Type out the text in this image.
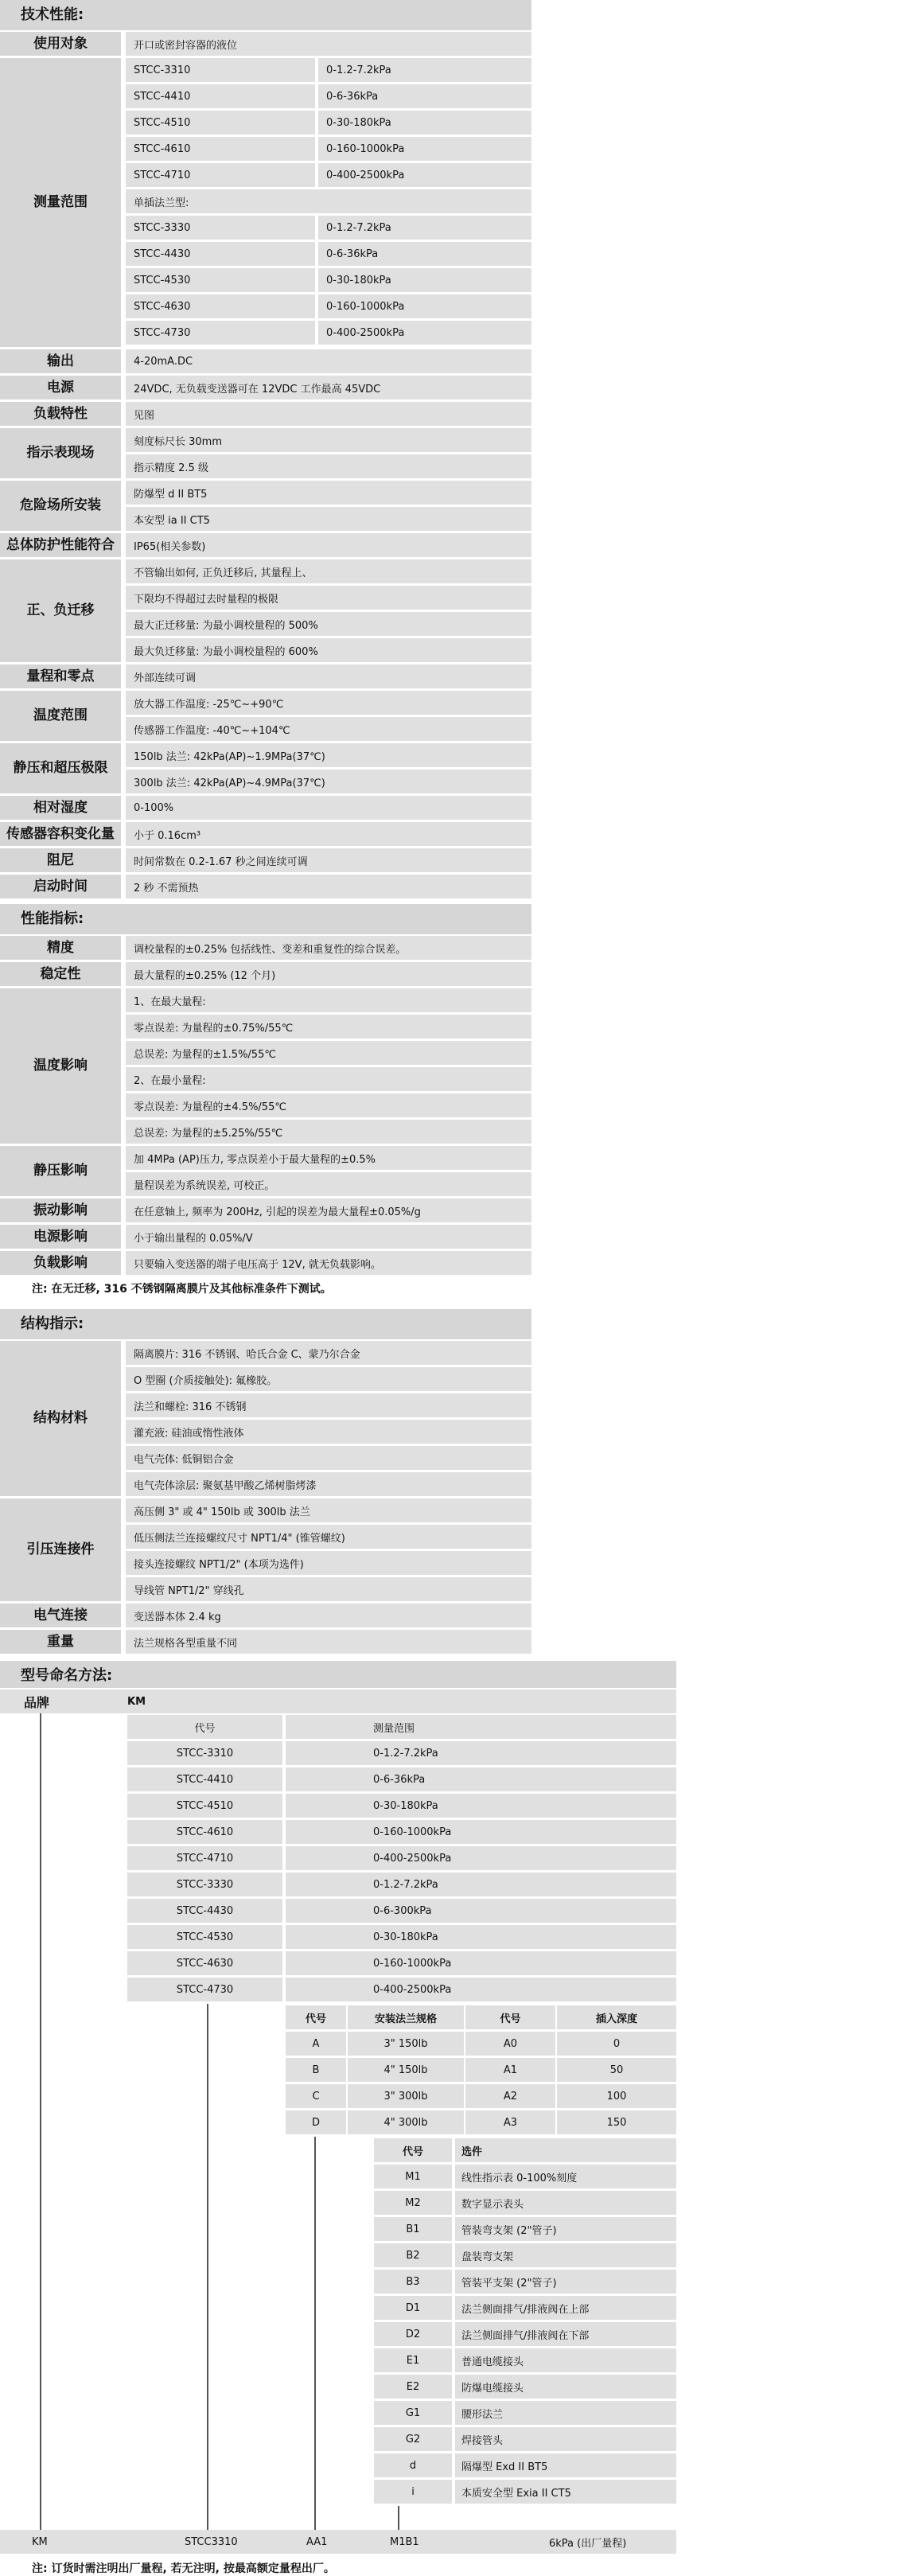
技术性能:
使用对象	开口或密封容器的液位
测量范围
STCC-3310	0-1.2-7.2kPa
STCC-4410	0-6-36kPa
STCC-4510	0-30-180kPa
STCC-4610	0-160-1000kPa
STCC-4710	0-400-2500kPa
单插法兰型:
STCC-3330	0-1.2-7.2kPa
STCC-4430	0-6-36kPa
STCC-4530	0-30-180kPa
STCC-4630	0-160-1000kPa
STCC-4730	0-400-2500kPa
输出	4-20mA.DC
电源	24VDC, 无负载变送器可在 12VDC 工作最高 45VDC
负载特性	见图
指示表现场
刻度标尺长 30mm
指示精度 2.5 级
危险场所安装
防爆型 d II BT5
本安型 ia II CT5
总体防护性能符合	IP65(相关参数)
正、负迁移
不管输出如何, 正负迁移后, 其量程上、
下限均不得超过去时量程的极限
最大正迁移量: 为最小调校量程的 500%
最大负迁移量: 为最小调校量程的 600%
量程和零点	外部连续可调
温度范围
放大器工作温度: -25℃~+90℃
传感器工作温度: -40℃~+104℃
静压和超压极限
150lb 法兰: 42kPa(AP)~1.9MPa(37℃)
300lb 法兰: 42kPa(AP)~4.9MPa(37℃)
相对湿度	0-100%
传感器容积变化量	小于 0.16cm³
阻尼	时间常数在 0.2-1.67 秒之间连续可调
启动时间	2 秒 不需预热
性能指标:
精度	调校量程的±0.25% 包括线性、变差和重复性的综合误差。
稳定性	最大量程的±0.25% (12 个月)
温度影响
1、在最大量程:
零点误差: 为量程的±0.75%/55℃
总误差: 为量程的±1.5%/55℃
2、在最小量程:
零点误差: 为量程的±4.5%/55℃
总误差: 为量程的±5.25%/55℃
静压影响
加 4MPa (AP)压力, 零点误差小于最大量程的±0.5%
量程误差为系统误差, 可校正。
振动影响	在任意轴上, 频率为 200Hz, 引起的误差为最大量程±0.05%/g
电源影响	小于输出量程的 0.05%/V
负载影响	只要输入变送器的端子电压高于 12V, 就无负载影响。
注: 在无迁移, 316 不锈钢隔离膜片及其他标准条件下测试。
结构指示:
结构材料
隔离膜片: 316 不锈钢、哈氏合金 C、蒙乃尔合金
O 型圈 (介质接触处): 氟橡胶。
法兰和螺栓: 316 不锈钢
灌充液: 硅油或惰性液体
电气壳体: 低铜铝合金
电气壳体涂层: 聚氨基甲酸乙烯树脂烤漆
引压连接件
高压侧 3" 或 4" 150lb 或 300lb 法兰
低压侧法兰连接螺纹尺寸 NPT1/4" (锥管螺纹)
接头连接螺纹 NPT1/2" (本项为选件)
导线管 NPT1/2" 穿线孔
电气连接	变送器本体 2.4 kg
重量	法兰规格各型重量不同
型号命名方法:
品牌	KM
代号	测量范围
STCC-3310	0-1.2-7.2kPa
STCC-4410	0-6-36kPa
STCC-4510	0-30-180kPa
STCC-4610	0-160-1000kPa
STCC-4710	0-400-2500kPa
STCC-3330	0-1.2-7.2kPa
STCC-4430	0-6-300kPa
STCC-4530	0-30-180kPa
STCC-4630	0-160-1000kPa
STCC-4730	0-400-2500kPa
代号	安装法兰规格	代号	插入深度
A	3" 150lb	A0	0
B	4" 150lb	A1	50
C	3" 300lb	A2	100
D	4" 300lb	A3	150
代号	选件
M1	线性指示表 0-100%刻度
M2	数字显示表头
B1	管装弯支架 (2"管子)
B2	盘装弯支架
B3	管装平支架 (2"管子)
D1	法兰侧面排气/排液阀在上部
D2	法兰侧面排气/排液阀在下部
E1	普通电缆接头
E2	防爆电缆接头
G1	腰形法兰
G2	焊接管头
d	隔爆型 Exd II BT5
i	本质安全型 Exia II CT5
KM	STCC3310	AA1	M1B1	6kPa (出厂量程)
注: 订货时需注明出厂量程, 若无注明, 按最高额定量程出厂。
